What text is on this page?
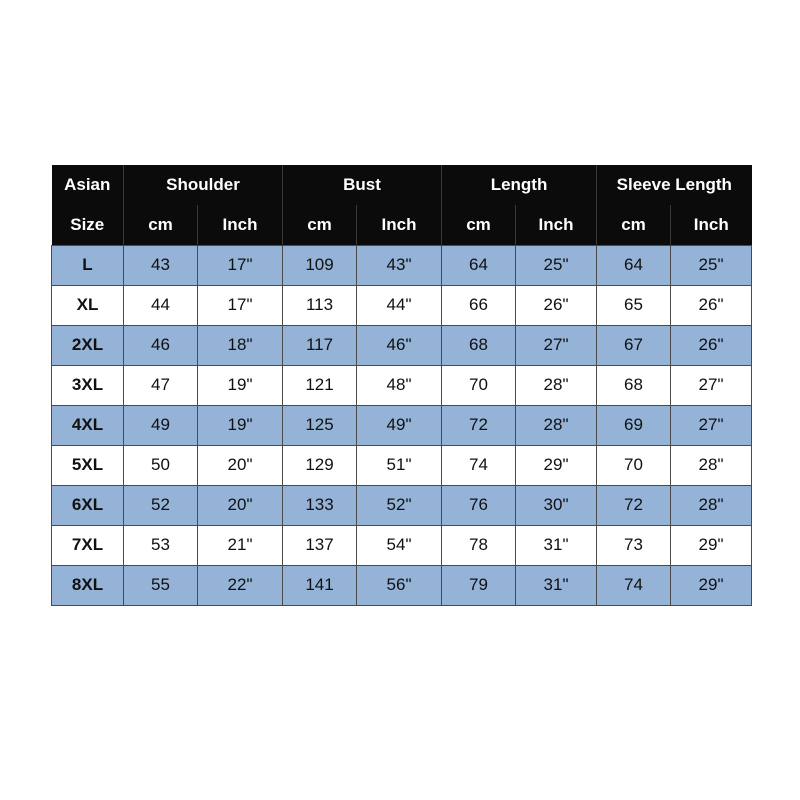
Asian	Shoulder		Bust		Length		Sleeve Length	
Size	cm	Inch	cm	Inch	cm	Inch	cm	Inch
L	43	17"	109	43"	64	25"	64	25"
XL	44	17"	113	44"	66	26"	65	26"
2XL	46	18"	117	46"	68	27"	67	26"
3XL	47	19"	121	48"	70	28"	68	27"
4XL	49	19"	125	49"	72	28"	69	27"
5XL	50	20"	129	51"	74	29"	70	28"
6XL	52	20"	133	52"	76	30"	72	28"
7XL	53	21"	137	54"	78	31"	73	29"
8XL	55	22"	141	56"	79	31"	74	29"
